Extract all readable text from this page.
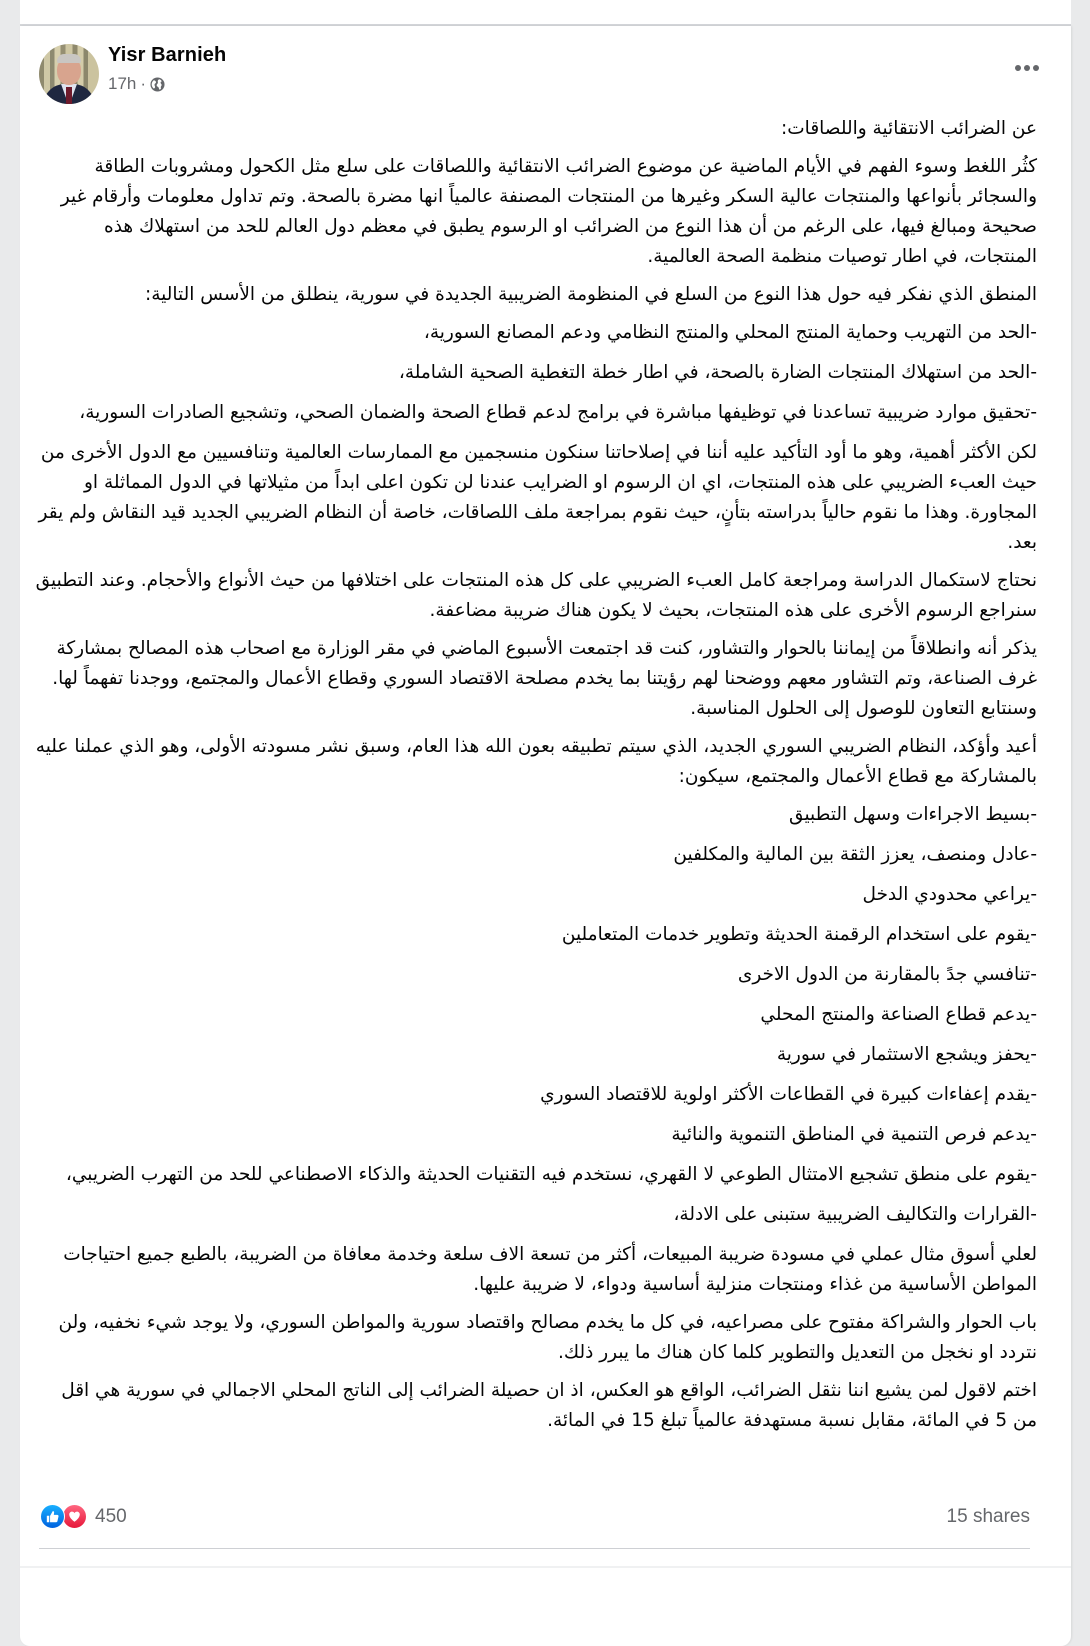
Yisr Barnieh
17h ·

عن الضرائب الانتقائية واللصاقات:

كثُر اللغط وسوء الفهم في الأيام الماضية عن موضوع الضرائب الانتقائية واللصاقات على سلع مثل الكحول ومشروبات الطاقة والسجائر بأنواعها والمنتجات عالية السكر وغيرها من المنتجات المصنفة عالمياً انها مضرة بالصحة. وتم تداول معلومات وأرقام غير صحيحة ومبالغ فيها، على الرغم من أن هذا النوع من الضرائب او الرسوم يطبق في معظم دول العالم للحد من استهلاك هذه المنتجات، في اطار توصيات منظمة الصحة العالمية.

المنطق الذي نفكر فيه حول هذا النوع من السلع في المنظومة الضريبية الجديدة في سورية، ينطلق من الأسس التالية:

-الحد من التهريب وحماية المنتج المحلي والمنتج النظامي ودعم المصانع السورية،

-الحد من استهلاك المنتجات الضارة بالصحة، في اطار خطة التغطية الصحية الشاملة،

-تحقيق موارد ضريبية تساعدنا في توظيفها مباشرة في برامج لدعم قطاع الصحة والضمان الصحي، وتشجيع الصادرات السورية،

لكن الأكثر أهمية، وهو ما أود التأكيد عليه أننا في إصلاحاتنا سنكون منسجمين مع الممارسات العالمية وتنافسيين مع الدول الأخرى من حيث العبء الضريبي على هذه المنتجات، اي ان الرسوم او الضرايب عندنا لن تكون اعلى ابداً من مثيلاتها في الدول المماثلة او المجاورة. وهذا ما نقوم حالياً بدراسته بتأنٍ، حيث نقوم بمراجعة ملف اللصاقات، خاصة أن النظام الضريبي الجديد قيد النقاش ولم يقر بعد.

نحتاج لاستكمال الدراسة ومراجعة كامل العبء الضريبي على كل هذه المنتجات على اختلافها من حيث الأنواع والأحجام. وعند التطبيق سنراجع الرسوم الأخرى على هذه المنتجات، بحيث لا يكون هناك ضريبة مضاعفة.

يذكر أنه وانطلاقاً من إيماننا بالحوار والتشاور، كنت قد اجتمعت الأسبوع الماضي في مقر الوزارة مع اصحاب هذه المصالح بمشاركة غرف الصناعة، وتم التشاور معهم ووضحنا لهم رؤيتنا بما يخدم مصلحة الاقتصاد السوري وقطاع الأعمال والمجتمع، ووجدنا تفهماً لها. وسنتابع التعاون للوصول إلى الحلول المناسبة.

أعيد وأؤكد، النظام الضريبي السوري الجديد، الذي سيتم تطبيقه بعون الله هذا العام، وسبق نشر مسودته الأولى، وهو الذي عملنا عليه بالمشاركة مع قطاع الأعمال والمجتمع، سيكون:

-بسيط الاجراءات وسهل التطبيق

-عادل ومنصف، يعزز الثقة بين المالية والمكلفين

-يراعي محدودي الدخل

-يقوم على استخدام الرقمنة الحديثة وتطوير خدمات المتعاملين

-تنافسي جدً بالمقارنة من الدول الاخرى

-يدعم قطاع الصناعة والمنتج المحلي

-يحفز ويشجع الاستثمار في سورية

-يقدم إعفاءات كبيرة في القطاعات الأكثر اولوية للاقتصاد السوري

-يدعم فرص التنمية في المناطق التنموية والنائية

-يقوم على منطق تشجيع الامتثال الطوعي لا القهري، نستخدم فيه التقنيات الحديثة والذكاء الاصطناعي للحد من التهرب الضريبي،

-القرارات والتكاليف الضريبية ستبنى على الادلة،

لعلي أسوق مثال عملي في مسودة ضريبة المبيعات، أكثر من تسعة الاف سلعة وخدمة معافاة من الضريبة، بالطبع جميع احتياجات المواطن الأساسية من غذاء ومنتجات منزلية أساسية ودواء، لا ضريبة عليها.

باب الحوار والشراكة مفتوح على مصراعيه، في كل ما يخدم مصالح واقتصاد سورية والمواطن السوري، ولا يوجد شيء نخفيه، ولن نتردد او نخجل من التعديل والتطوير كلما كان هناك ما يبرر ذلك.

اختم لاقول لمن يشيع اننا نثقل الضرائب، الواقع هو العكس، اذ ان حصيلة الضرائب إلى الناتج المحلي الاجمالي في سورية هي اقل من 5 في المائة، مقابل نسبة مستهدفة عالمياً تبلغ 15 في المائة.

450	15 shares
